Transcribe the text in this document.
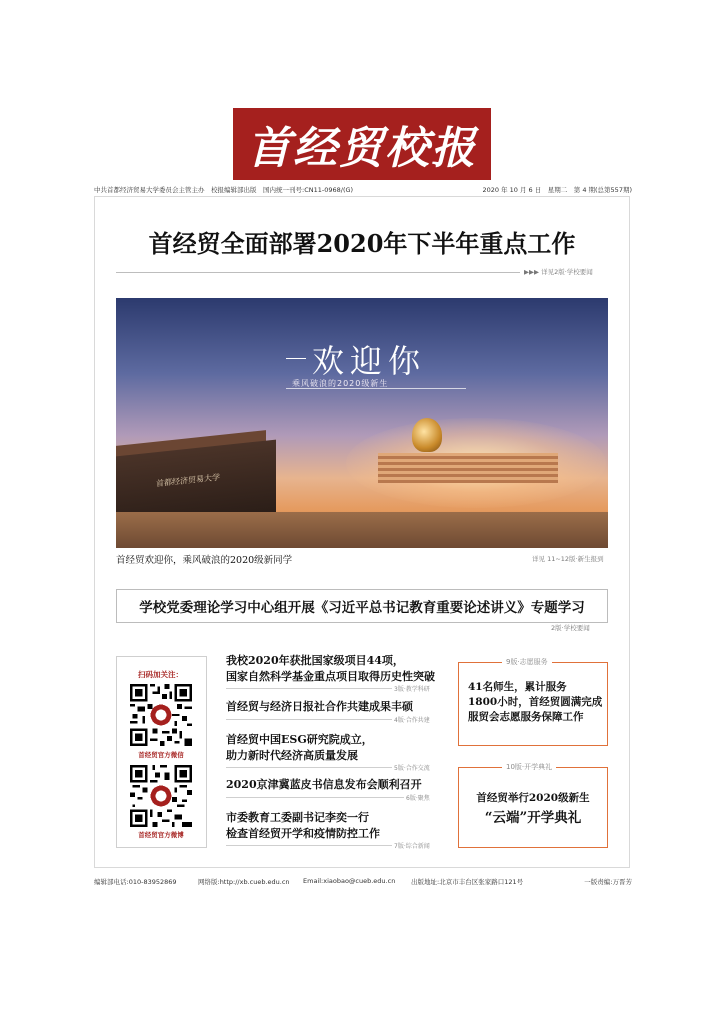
首经贸校报
中共首都经济贸易大学委员会主管主办　校报编辑部出版　国内统一刊号:CN11-0968/(G)	2020 年 10 月 6 日　星期二　第 4 期(总第557期)
首经贸全面部署2020年下半年重点工作
▶▶▶ 详见2版·学校要闻
欢迎你
乘风破浪的2020级新生
首都经济贸易大学
首经贸欢迎你，乘风破浪的2020级新同学	详见 11~12版·新生报到
学校党委理论学习中心组开展《习近平总书记教育重要论述讲义》专题学习
2版·学校要闻
扫码加关注：
首经贸官方微信
首经贸官方微博
我校2020年获批国家级项目44项，
国家自然科学基金重点项目取得历史性突破
3版·教学科研
首经贸与经济日报社合作共建成果丰硕
4版·合作共建
首经贸中国ESG研究院成立，
助力新时代经济高质量发展
5版·合作交流
2020京津冀蓝皮书信息发布会顺利召开
6版·聚焦
市委教育工委副书记李奕一行
检查首经贸开学和疫情防控工作
7版·综合新闻
9版·志愿服务
41名师生，累计服务
1800小时，首经贸圆满完成
服贸会志愿服务保障工作
10版·开学典礼
首经贸举行2020级新生
“云端”开学典礼
编辑部电话:010-83952869	网络版:http://xb.cueb.edu.cn Email:xiaobao@cueb.edu.cn 出版地址:北京市丰台区张家路口121号	一版责编:万晋芳
